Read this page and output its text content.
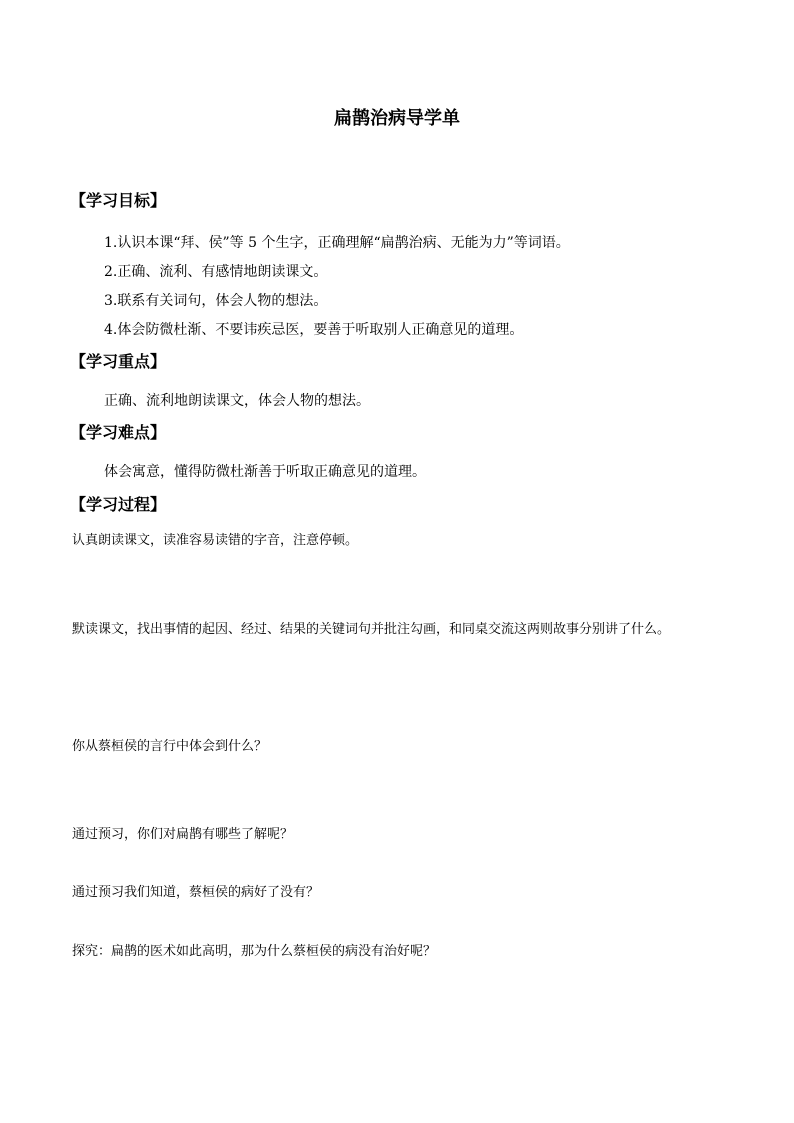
扁鹊治病导学单
【学习目标】
1.认识本课“拜、侯”等 5 个生字，正确理解“扁鹊治病、无能为力”等词语。
2.正确、流利、有感情地朗读课文。
3.联系有关词句，体会人物的想法。
4.体会防微杜渐、不要讳疾忌医，要善于听取别人正确意见的道理。
【学习重点】
正确、流利地朗读课文，体会人物的想法。
【学习难点】
体会寓意，懂得防微杜渐善于听取正确意见的道理。
【学习过程】
认真朗读课文，读准容易读错的字音，注意停顿。
默读课文，找出事情的起因、经过、结果的关键词句并批注勾画，和同桌交流这两则故事分别讲了什么。
你从蔡桓侯的言行中体会到什么？
通过预习，你们对扁鹊有哪些了解呢？
通过预习我们知道，蔡桓侯的病好了没有？
探究：扁鹊的医术如此高明，那为什么蔡桓侯的病没有治好呢？
